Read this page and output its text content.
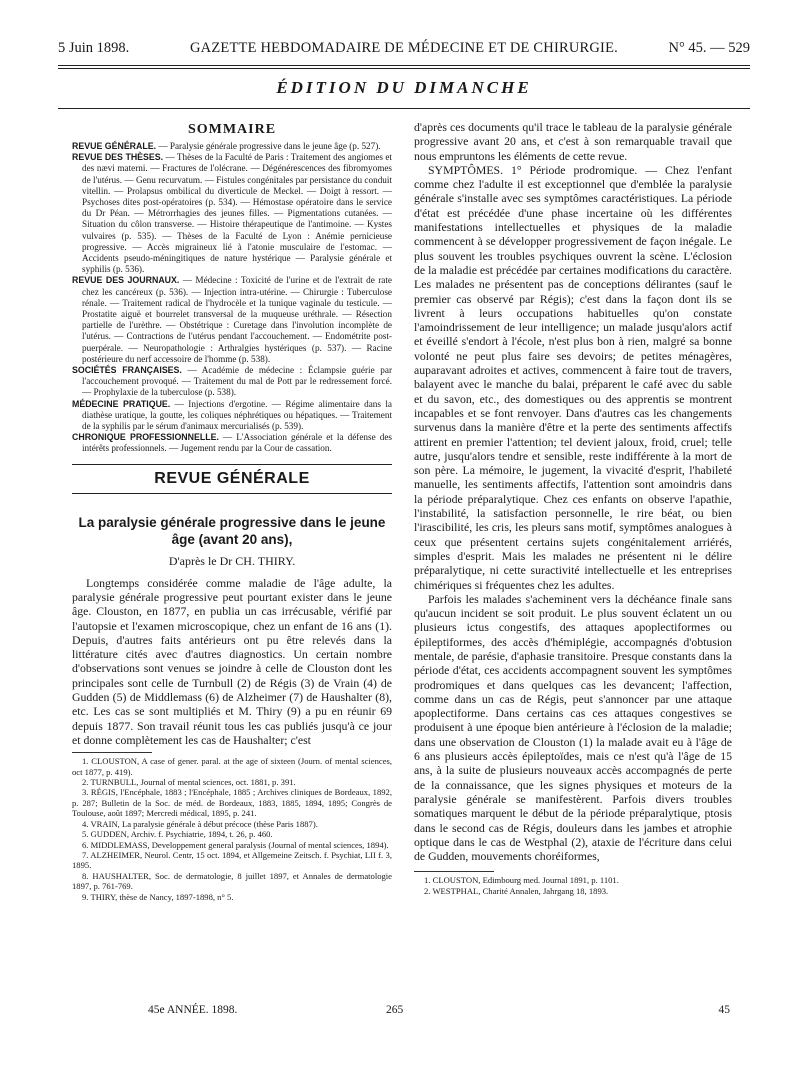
5 Juin 1898.	GAZETTE HEBDOMADAIRE DE MÉDECINE ET DE CHIRURGIE.	N° 45. — 529
ÉDITION DU DIMANCHE
SOMMAIRE

REVUE GÉNÉRALE. — Paralysie générale progressive dans le jeune âge (p. 527).

REVUE DES THÈSES. — Thèses de la Faculté de Paris : Traitement des angiomes et des nævi materni. — Fractures de l'olécrane. — Dégénérescences des fibromyomes de l'utérus. — Genu recurvatum. — Fistules congénitales par persistance du conduit vitellin. — Prolapsus ombilical du diverticule de Meckel. — Doigt à ressort. — Psychoses dites post-opératoires (p. 534). — Hémostase opératoire dans le service du Dr Péan. — Métrorrhagies des jeunes filles. — Pigmentations cutanées. — Situation du côlon transverse. — Histoire thérapeutique de l'antimoine. — Kystes vulvaires (p. 535). — Thèses de la Faculté de Lyon : Anémie pernicieuse progressive. — Accès migraineux lié à l'atonie musculaire de l'estomac. — Accidents pseudo-méningitiques de nature hystérique — Paralysie générale et syphilis (p. 536).

REVUE DES JOURNAUX. — Médecine : Toxicité de l'urine et de l'extrait de rate chez les cancéreux (p. 536). — Injection intra-utérine. — Chirurgie : Tuberculose rénale. — Traitement radical de l'hydrocèle et la tunique vaginale du testicule. — Prostatite aiguë et bourrelet transversal de la muqueuse uréthrale. — Résection partielle de l'urèthre. — Obstétrique : Curetage dans l'involution incomplète de l'utérus. — Contractions de l'utérus pendant l'accouchement. — Endométrite post-puerpérale. — Neuropathologie : Arthralgies hystériques (p. 537). — Racine postérieure du nerf accessoire de l'homme (p. 538).

SOCIÉTÉS FRANÇAISES. — Académie de médecine : Éclampsie guérie par l'accouchement provoqué. — Traitement du mal de Pott par le redressement forcé. — Prophylaxie de la tuberculose (p. 538).

MÉDECINE PRATIQUE. — Injections d'ergotine. — Régime alimentaire dans la diathèse uratique, la goutte, les coliques néphrétiques ou hépatiques. — Traitement de la syphilis par le sérum d'animaux mercurialisés (p. 539).

CHRONIQUE PROFESSIONNELLE. — L'Association générale et la défense des intérêts professionnels. — Jugement rendu par la Cour de cassation.

REVUE GÉNÉRALE
La paralysie générale progressive dans le jeune âge (avant 20 ans),
D'après le Dr CH. THIRY.

Longtemps considérée comme maladie de l'âge adulte, la paralysie générale progressive peut pourtant exister dans le jeune âge. Clouston, en 1877, en publia un cas irrécusable, vérifié par l'autopsie et l'examen microscopique, chez un enfant de 16 ans (1). Depuis, d'autres faits antérieurs ont pu être relevés dans la littérature cités avec d'autres diagnostics. Un certain nombre d'observations sont venues se joindre à celle de Clouston dont les principales sont celle de Turnbull (2) de Régis (3) de Vrain (4) de Gudden (5) de Middlemass (6) de Alzheimer (7) de Haushalter (8), etc. Les cas se sont multipliés et M. Thiry (9) a pu en réunir 69 depuis 1877. Son travail réunit tous les cas publiés jusqu'à ce jour et donne complètement les cas de Haushalter; c'est

1. CLOUSTON, A case of gener. paral. at the age of sixteen (Journ. of mental sciences, oct 1877, p. 419).

2. TURNBULL, Journal of mental sciences, oct. 1881, p. 391.

3. RÉGIS, l'Encéphale, 1883 ; l'Encéphale, 1885 ; Archives cliniques de Bordeaux, 1892, p. 287; Bulletin de la Soc. de méd. de Bordeaux, 1883, 1885, 1894, 1895; Congrès de Toulouse, août 1897; Mercredi médical, 1895, p. 241.

4. VRAIN, La paralysie générale à début précoce (thèse Paris 1887).

5. GUDDEN, Archiv. f. Psychiatrie, 1894, t. 26, p. 460.

6. MIDDLEMASS, Developpement general paralysis (Journal of mental sciences, 1894).

7. ALZHEIMER, Neurol. Centr, 15 oct. 1894, et Allgemeine Zeitsch. f. Psychiat, LII f. 3, 1895.

8. HAUSHALTER, Soc. de dermatologie, 8 juillet 1897, et Annales de dermatologie 1897, p. 761-769.

9. THIRY, thèse de Nancy, 1897-1898, n° 5.

d'après ces documents qu'il trace le tableau de la paralysie générale progressive avant 20 ans, et c'est à son remarquable travail que nous empruntons les éléments de cette revue.

SYMPTÔMES. 1° Période prodromique. — Chez l'enfant comme chez l'adulte il est exceptionnel que d'emblée la paralysie générale s'installe avec ses symptômes caractéristiques. La période d'état est précédée d'une phase incertaine où les différentes manifestations intellectuelles et physiques de la maladie commencent à se développer progressivement de façon inégale. Le plus souvent les troubles psychiques ouvrent la scène. L'éclosion de la maladie est précédée par certaines modifications du caractère. Les malades ne présentent pas de conceptions délirantes (sauf le premier cas observé par Régis); c'est dans la façon dont ils se livrent à leurs occupations habituelles qu'on constate l'amoindrissement de leur intelligence; un malade jusqu'alors actif et éveillé s'endort à l'école, n'est plus bon à rien, malgré sa bonne volonté ne peut plus faire ses devoirs; de petites ménagères, auparavant adroites et actives, commencent à faire tout de travers, balayent avec le manche du balai, préparent le café avec du sable et du savon, etc., des domestiques ou des apprentis se montrent incapables et se font renvoyer. Dans d'autres cas les changements survenus dans la manière d'être et la perte des sentiments affectifs attirent en premier l'attention; tel devient jaloux, froid, cruel; telle autre, jusqu'alors tendre et sensible, reste indifférente à la mort de son père. La mémoire, le jugement, la vivacité d'esprit, l'habileté manuelle, les sentiments affectifs, l'attention sont amoindris dans la période préparalytique. Chez ces enfants on observe l'apathie, l'instabilité, la satisfaction personnelle, le rire béat, ou bien l'irascibilité, les cris, les pleurs sans motif, symptômes analogues à ceux que présentent certains sujets congénitalement arriérés, simples d'esprit. Mais les malades ne présentent ni le délire préparalytique, ni cette suractivité intellectuelle et les entreprises chimériques si fréquentes chez les adultes.

Parfois les malades s'acheminent vers la déchéance finale sans qu'aucun incident se soit produit. Le plus souvent éclatent un ou plusieurs ictus congestifs, des attaques apoplectiformes ou épileptiformes, des accès d'hémiplégie, accompagnés d'obtusion mentale, de parésie, d'aphasie transitoire. Presque constants dans la période d'état, ces accidents accompagnent souvent les symptômes prodromiques et dans quelques cas les devancent; l'affection, comme dans un cas de Régis, peut s'annoncer par une attaque apoplectiforme. Dans certains cas ces attaques congestives se produisent à une époque bien antérieure à l'éclosion de la maladie; dans une observation de Clouston (1) la malade avait eu à l'âge de 6 ans plusieurs accès épileptoïdes, mais ce n'est qu'à l'âge de 15 ans, à la suite de plusieurs nouveaux accès accompagnés de perte de la connaissance, que les signes physiques et moteurs de la paralysie générale se manifestèrent. Parfois divers troubles somatiques marquent le début de la période préparalytique, ptosis dans le second cas de Régis, douleurs dans les jambes et atrophie optique dans le cas de Westphal (2), ataxie de l'écriture dans celui de Gudden, mouvements choréiformes,

1. CLOUSTON, Edimbourg med. Journal 1891, p. 1101.

2. WESTPHAL, Charité Annalen, Jahrgang 18, 1893.

45e ANNÉE. 1898.	265	45
